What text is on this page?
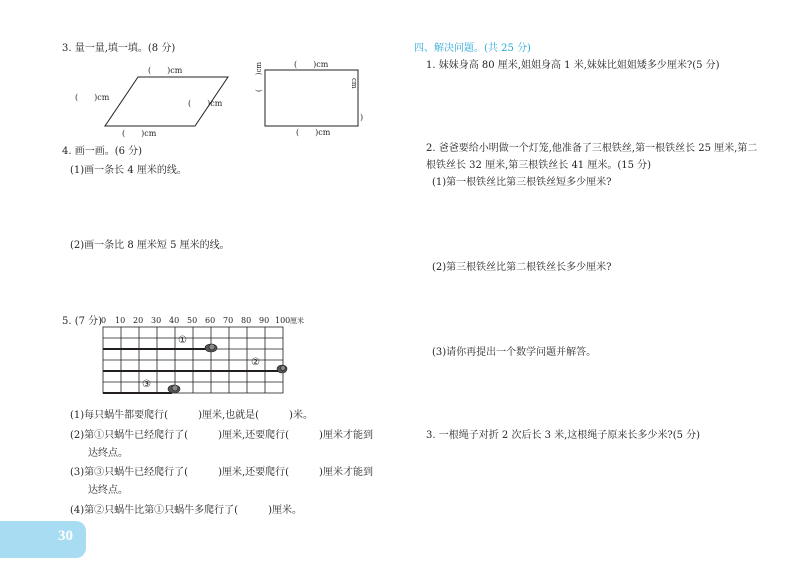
3. 量一量,填一填。(8 分)
(　　)cm
(　　)cm
(　　)cm
(　　)cm
(　　)cm
cm
)
(　　)cm
(　　)cm
4. 画一画。(6 分)
(1)画一条长 4 厘米的线。
(2)画一条比 8 厘米短 5 厘米的线。
5. (7 分)
0 10 20 30 40 50 60 70 80 90 100 厘米
①
②
③
(1)每只蜗牛都要爬行(　　　)厘米,也就是(　　　)米。
(2)第①只蜗牛已经爬行了(　　　)厘米,还要爬行(　　　)厘米才能到
达终点。
(3)第③只蜗牛已经爬行了(　　　)厘米,还要爬行(　　　)厘米才能到
达终点。
(4)第②只蜗牛比第①只蜗牛多爬行了(　　　)厘米。
30
四、解决问题。(共 25 分)
1. 妹妹身高 80 厘米,姐姐身高 1 米,妹妹比姐姐矮多少厘米?(5 分)
2. 爸爸要给小明做一个灯笼,他准备了三根铁丝,第一根铁丝长 25 厘米,第二
根铁丝长 32 厘米,第三根铁丝长 41 厘米。(15 分)
(1)第一根铁丝比第三根铁丝短多少厘米?
(2)第三根铁丝比第二根铁丝长多少厘米?
(3)请你再提出一个数学问题并解答。
3. 一根绳子对折 2 次后长 3 米,这根绳子原来长多少米?(5 分)
